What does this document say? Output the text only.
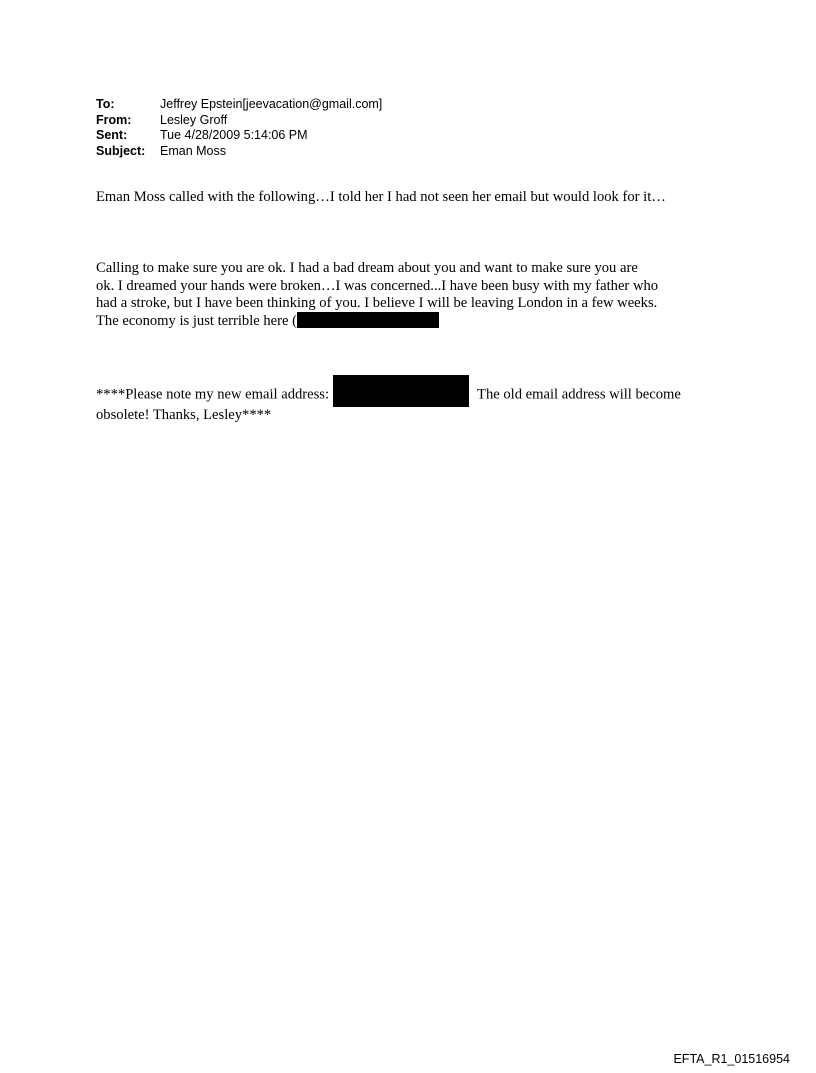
To:	Jeffrey Epstein[jeevacation@gmail.com]
From:	Lesley Groff
Sent:	Tue 4/28/2009 5:14:06 PM
Subject:	Eman Moss
Eman Moss called with the following…I told her I had not seen her email but would look for it…
Calling to make sure you are ok. I had a bad dream about you and want to make sure you are
ok. I dreamed your hands were broken…I was concerned...I have been busy with my father who
had a stroke, but I have been thinking of you. I believe I will be leaving London in a few weeks.
The economy is just terrible here (
****Please note my new email address:	The old email address will become
obsolete! Thanks, Lesley****
EFTA_R1_01516954
